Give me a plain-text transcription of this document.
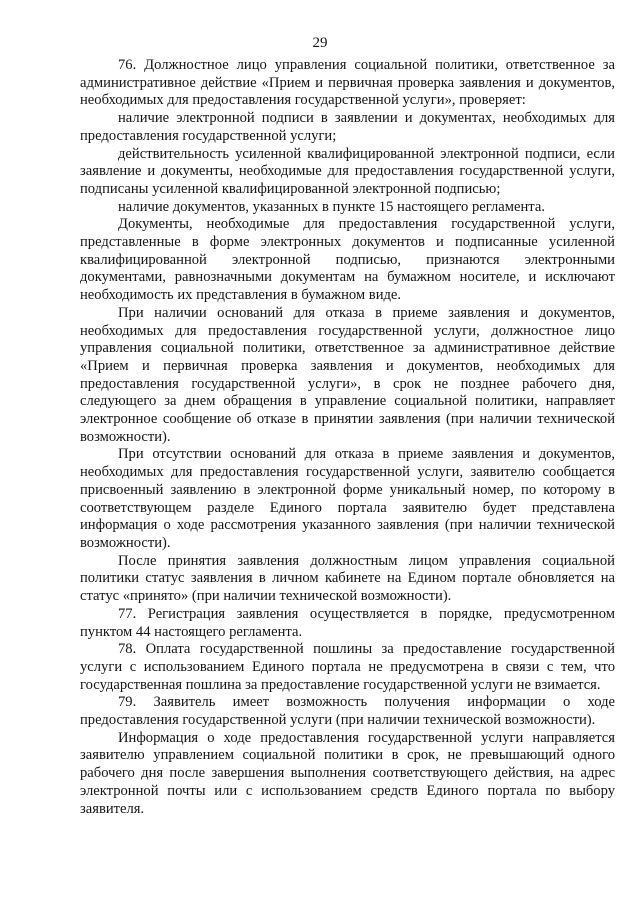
29

76. Должностное лицо управления социальной политики, ответственное за административное действие «Прием и первичная проверка заявления и документов, необходимых для предоставления государственной услуги», проверяет:

наличие электронной подписи в заявлении и документах, необходимых для предоставления государственной услуги;

действительность усиленной квалифицированной электронной подписи, если заявление и документы, необходимые для предоставления государственной услуги, подписаны усиленной квалифицированной электронной подписью;

наличие документов, указанных в пункте 15 настоящего регламента.

Документы, необходимые для предоставления государственной услуги, представленные в форме электронных документов и подписанные усиленной квалифицированной электронной подписью, признаются электронными документами, равнозначными документам на бумажном носителе, и исключают необходимость их представления в бумажном виде.

При наличии оснований для отказа в приеме заявления и документов, необходимых для предоставления государственной услуги, должностное лицо управления социальной политики, ответственное за административное действие «Прием и первичная проверка заявления и документов, необходимых для предоставления государственной услуги», в срок не позднее рабочего дня, следующего за днем обращения в управление социальной политики, направляет электронное сообщение об отказе в принятии заявления (при наличии технической возможности).

При отсутствии оснований для отказа в приеме заявления и документов, необходимых для предоставления государственной услуги, заявителю сообщается присвоенный заявлению в электронной форме уникальный номер, по которому в соответствующем разделе Единого портала заявителю будет представлена информация о ходе рассмотрения указанного заявления (при наличии технической возможности).

После принятия заявления должностным лицом управления социальной политики статус заявления в личном кабинете на Едином портале обновляется на статус «принято» (при наличии технической возможности).

77. Регистрация заявления осуществляется в порядке, предусмотренном пунктом 44 настоящего регламента.

78. Оплата государственной пошлины за предоставление государственной услуги с использованием Единого портала не предусмотрена в связи с тем, что государственная пошлина за предоставление государственной услуги не взимается.

79. Заявитель имеет возможность получения информации о ходе предоставления государственной услуги (при наличии технической возможности).

Информация о ходе предоставления государственной услуги направляется заявителю управлением социальной политики в срок, не превышающий одного рабочего дня после завершения выполнения соответствующего действия, на адрес электронной почты или с использованием средств Единого портала по выбору заявителя.
